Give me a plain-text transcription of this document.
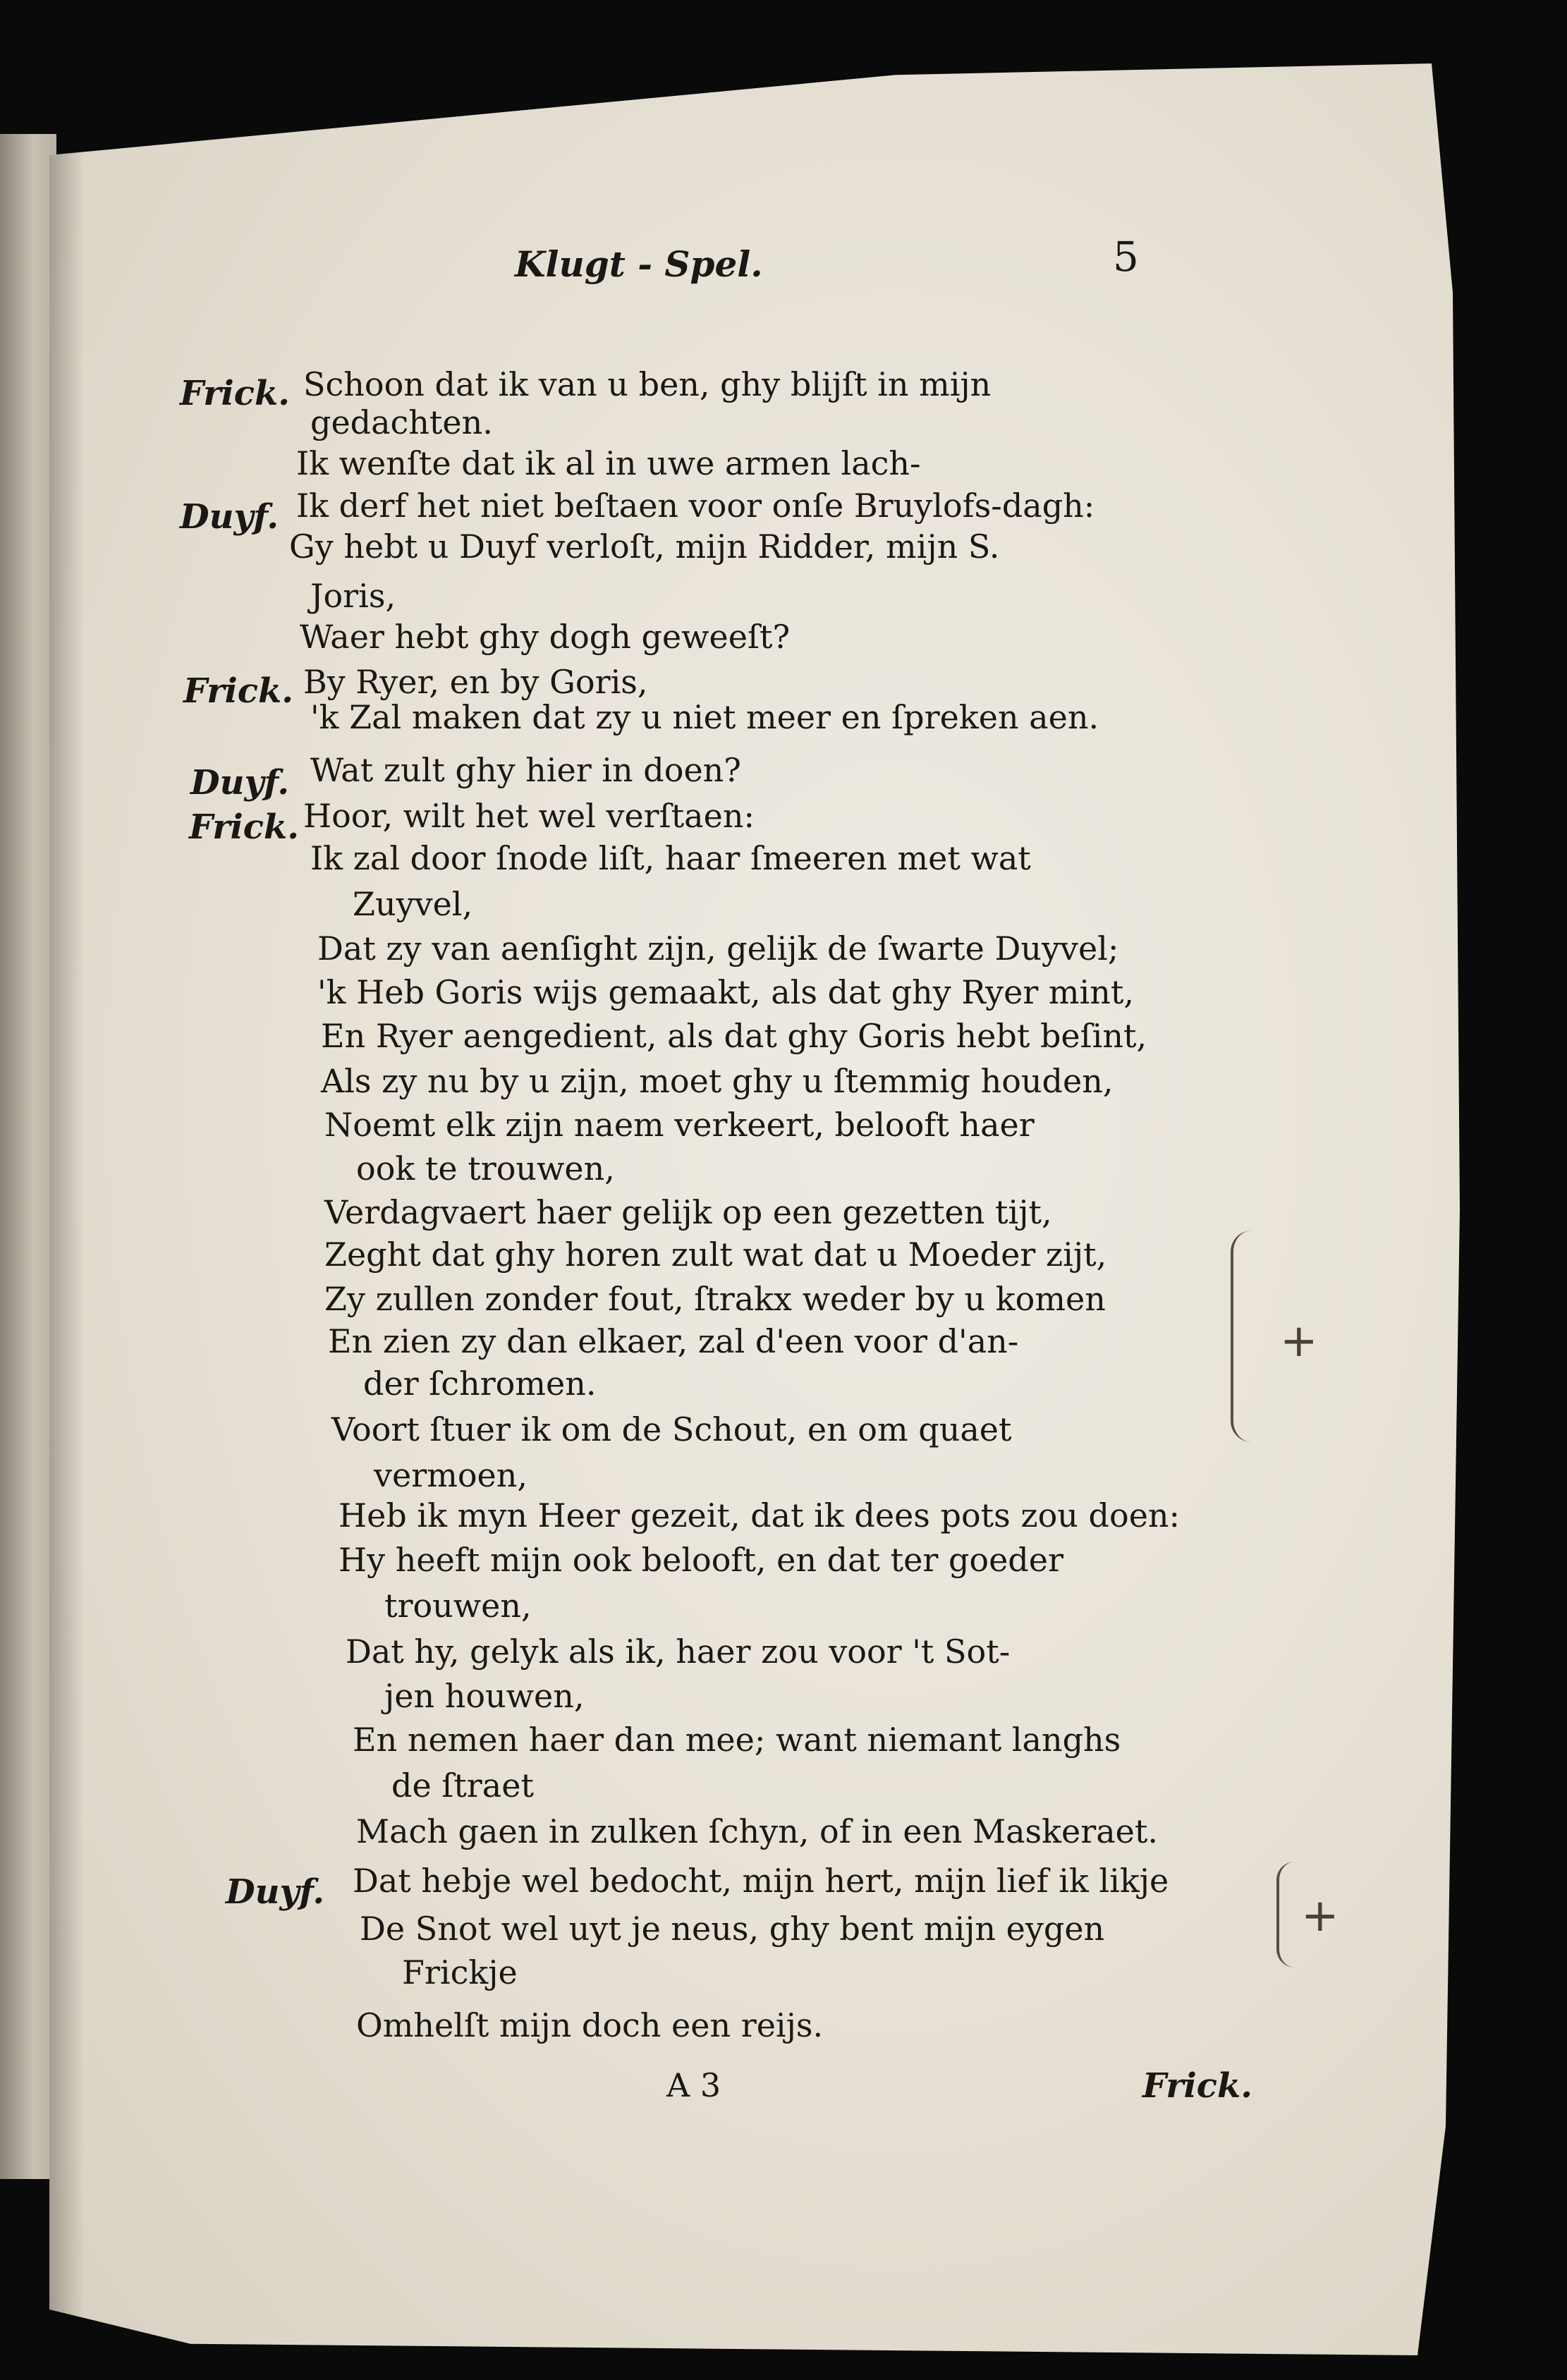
Klugt - Spel.	5
Frick. Schoon dat ik van u ben, ghy blijſt in mijn
gedachten.
Ik wenſte dat ik al in uwe armen lach-
Duyf. Ik derf het niet beſtaen voor onſe Bruylofs-dagh:
Gy hebt u Duyf verloſt, mijn Ridder, mijn S.
Joris,
Waer hebt ghy dogh geweeſt?
Frick. By Ryer, en by Goris,
'k Zal maken dat zy u niet meer en ſpreken aen.
Duyf. Wat zult ghy hier in doen?
Frick. Hoor, wilt het wel verſtaen:
Ik zal door ſnode liſt, haar ſmeeren met wat
Zuyvel,
Dat zy van aenſight zijn, gelijk de ſwarte Duyvel;
'k Heb Goris wijs gemaakt, als dat ghy Ryer mint,
En Ryer aengedient, als dat ghy Goris hebt beſint,
Als zy nu by u zijn, moet ghy u ſtemmig houden,
Noemt elk zijn naem verkeert, belooft haer
ook te trouwen,
Verdagvaert haer gelijk op een gezetten tijt,
Zeght dat ghy horen zult wat dat u Moeder zijt,
Zy zullen zonder fout, ſtrakx weder by u komen
En zien zy dan elkaer, zal d'een voor d'an-
der ſchromen.
Voort ſtuer ik om de Schout, en om quaet
vermoen,
Heb ik myn Heer gezeit, dat ik dees pots zou doen:
Hy heeft mijn ook belooft, en dat ter goeder
trouwen,
Dat hy, gelyk als ik, haer zou voor 't Sot-
jen houwen,
En nemen haer dan mee; want niemant langhs
de ſtraet
Mach gaen in zulken ſchyn, of in een Maskeraet.
Duyf. Dat hebje wel bedocht, mijn hert, mijn lief ik likje
De Snot wel uyt je neus, ghy bent mijn eygen
Frickje
Omhelſt mijn doch een reijs.
A 3	Frick.
+
+
